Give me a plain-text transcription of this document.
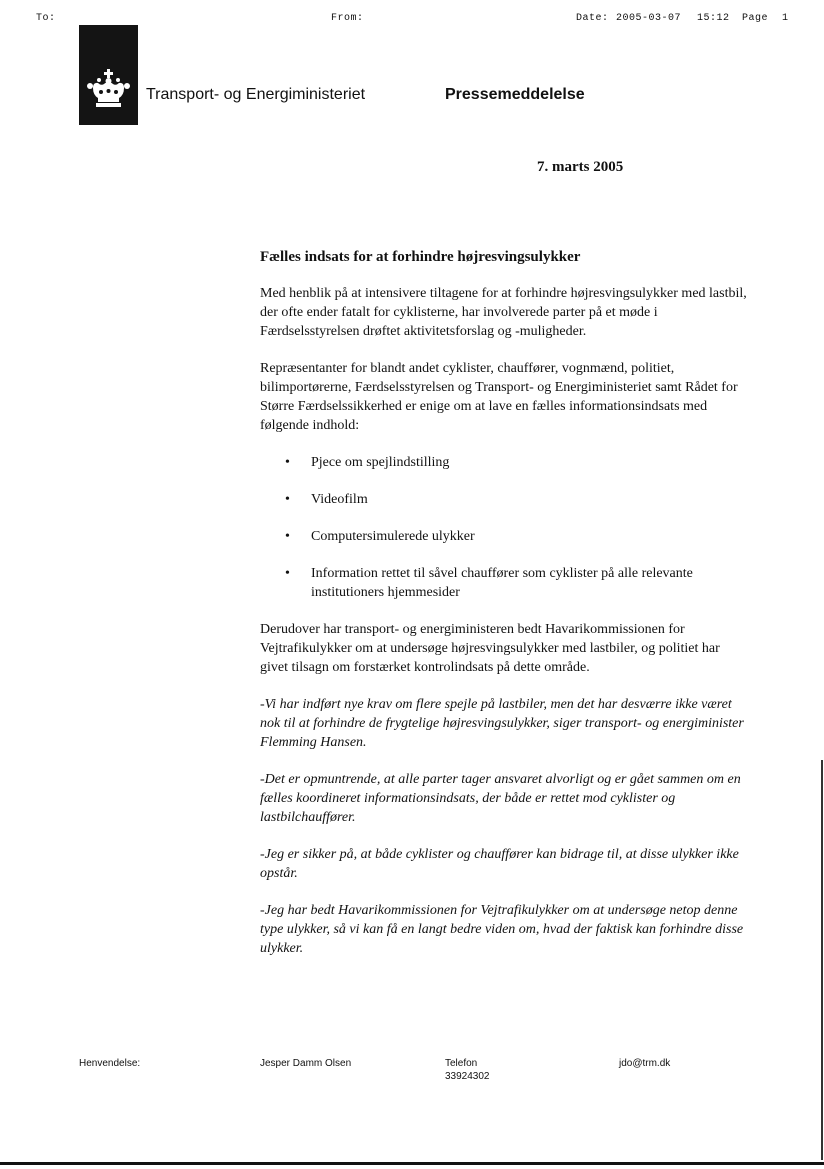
To:	From:	Date: 2005-03-07 15:12 Page 1
Transport- og Energiministeriet	Pressemeddelelse
7. marts 2005
Fælles indsats for at forhindre højresvingsulykker

Med henblik på at intensivere tiltagene for at forhindre højresvingsulykker med lastbil, der ofte ender fatalt for cyklisterne, har involverede parter på et møde i Færdselsstyrelsen drøftet aktivitetsforslag og -muligheder.

Repræsentanter for blandt andet cyklister, chauffører, vognmænd, politiet, bilimportørerne, Færdselsstyrelsen og Transport- og Energiministeriet samt Rådet for Større Færdselssikkerhed er enige om at lave en fælles informationsindsats med følgende indhold:

• Pjece om spejlindstilling
• Videofilm
• Computersimulerede ulykker
• Information rettet til såvel chauffører som cyklister på alle relevante institutioners hjemmesider

Derudover har transport- og energiministeren bedt Havarikommissionen for Vejtrafikulykker om at undersøge højresvingsulykker med lastbiler, og politiet har givet tilsagn om forstærket kontrolindsats på dette område.

-Vi har indført nye krav om flere spejle på lastbiler, men det har desværre ikke været nok til at forhindre de frygtelige højresvingsulykker, siger transport- og energiminister Flemming Hansen.

-Det er opmuntrende, at alle parter tager ansvaret alvorligt og er gået sammen om en fælles koordineret informationsindsats, der både er rettet mod cyklister og lastbilchauffører.

-Jeg er sikker på, at både cyklister og chauffører kan bidrage til, at disse ulykker ikke opstår.

-Jeg har bedt Havarikommissionen for Vejtrafikulykker om at undersøge netop denne type ulykker, så vi kan få en langt bedre viden om, hvad der faktisk kan forhindre disse ulykker.

Henvendelse:	Jesper Damm Olsen	Telefon
33924302
jdo@trm.dk
